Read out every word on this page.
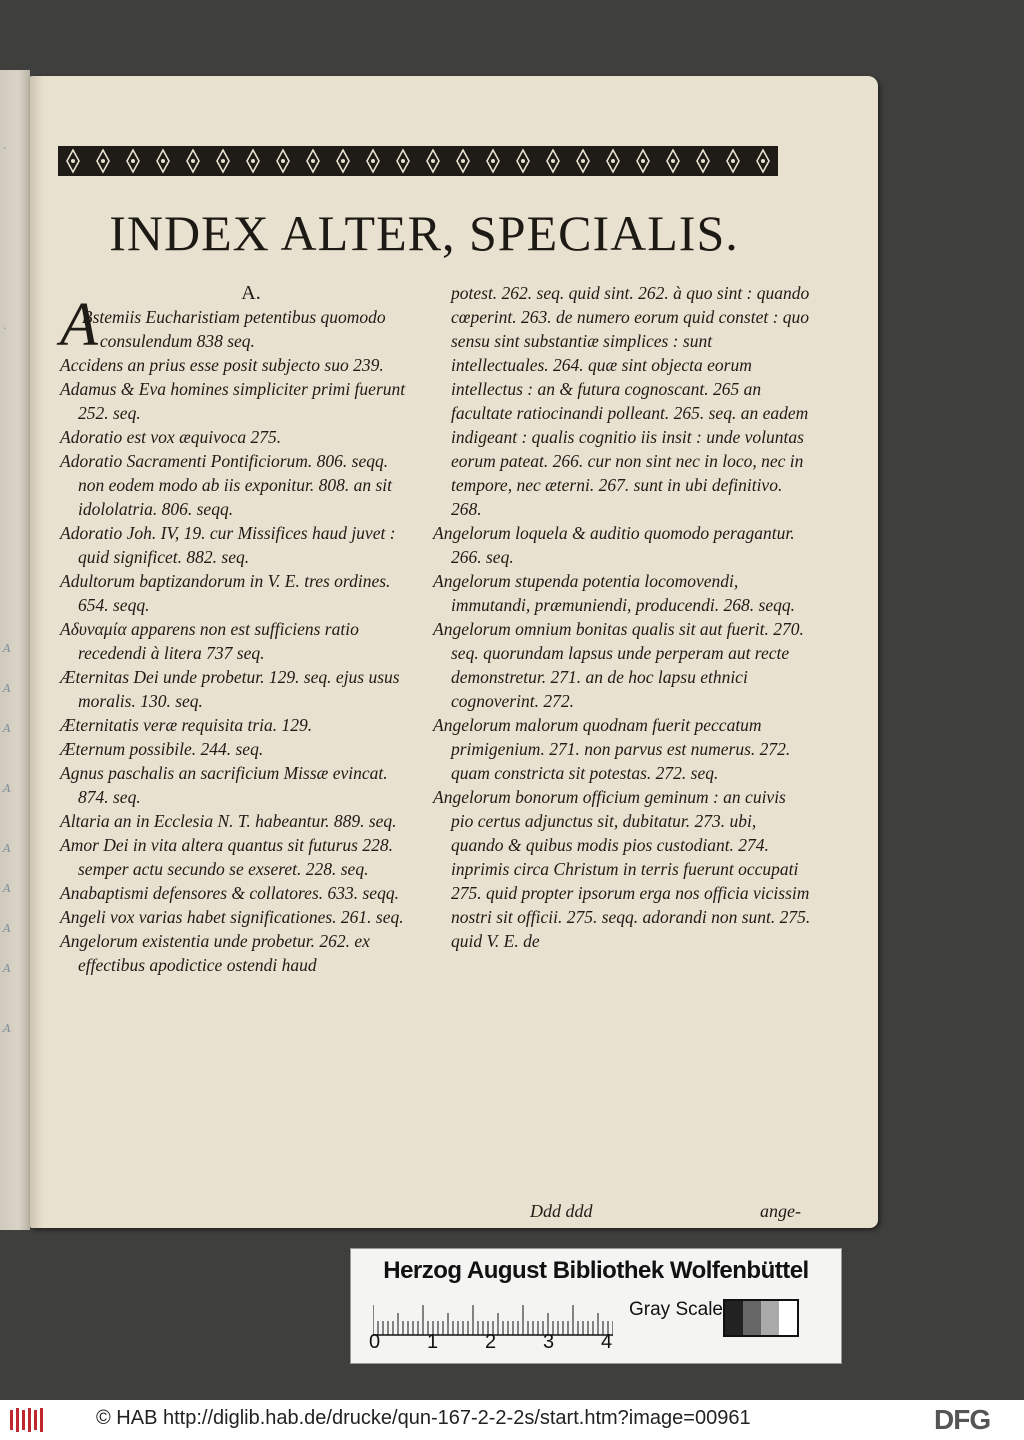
·
·
A
A
A
A
A
A
A
A
A
INDEX ALTER, SPECIALIS.
A.

A
Bstemiis Eucharistiam petentibus quomodo consulendum 838 seq.

Accidens an prius esse posit subjecto suo 239.

Adamus & Eva homines simpliciter primi fuerunt 252. seq.

Adoratio est vox æquivoca 275.

Adoratio Sacramenti Pontificiorum. 806. seqq. non eodem modo ab iis exponitur. 808. an sit idololatria. 806. seqq.

Adoratio Joh. IV, 19. cur Missifices haud juvet : quid significet. 882. seq.

Adultorum baptizandorum in V. E. tres ordines. 654. seqq.

Αδυναμία apparens non est sufficiens ratio recedendi à litera 737 seq.

Æternitas Dei unde probetur. 129. seq. ejus usus moralis. 130. seq.

Æternitatis veræ requisita tria. 129.

Æternum possibile. 244. seq.

Agnus paschalis an sacrificium Missæ evincat. 874. seq.

Altaria an in Ecclesia N. T. habeantur. 889. seq.

Amor Dei in vita altera quantus sit futurus 228. semper actu secundo se exseret. 228. seq.

Anabaptismi defensores & collatores. 633. seqq.

Angeli vox varias habet significationes. 261. seq.

Angelorum existentia unde probetur. 262. ex effectibus apodictice ostendi haud

potest. 262. seq. quid sint. 262. à quo sint : quando cœperint. 263. de numero eorum quid constet : quo sensu sint substantiæ simplices : sunt intellectuales. 264. quæ sint objecta eorum intellectus : an & futura cognoscant. 265 an facultate ratiocinandi polleant. 265. seq. an eadem indigeant : qualis cognitio iis insit : unde voluntas eorum pateat. 266. cur non sint nec in loco, nec in tempore, nec æterni. 267. sunt in ubi definitivo. 268.

Angelorum loquela & auditio quomodo peragantur. 266. seq.

Angelorum stupenda potentia locomovendi, immutandi, præmuniendi, producendi. 268. seqq.

Angelorum omnium bonitas qualis sit aut fuerit. 270. seq. quorundam lapsus unde perperam aut recte demonstretur. 271. an de hoc lapsu ethnici cognoverint. 272.

Angelorum malorum quodnam fuerit peccatum primigenium. 271. non parvus est numerus. 272. quam constricta sit potestas. 272. seq.

Angelorum bonorum officium geminum : an cuivis pio certus adjunctus sit, dubitatur. 273. ubi, quando & quibus modis pios custodiant. 274. inprimis circa Christum in terris fuerunt occupati 275. quid propter ipsorum erga nos officia vicissim nostri sit officii. 275. seqq. adorandi non sunt. 275. quid V. E. de

Ddd ddd	ange-
Herzog August Bibliothek Wolfenbüttel
0 1 2 3 4
Gray Scale
© HAB http://diglib.hab.de/drucke/qun-167-2-2-2s/start.htm?image=00961	DFG
